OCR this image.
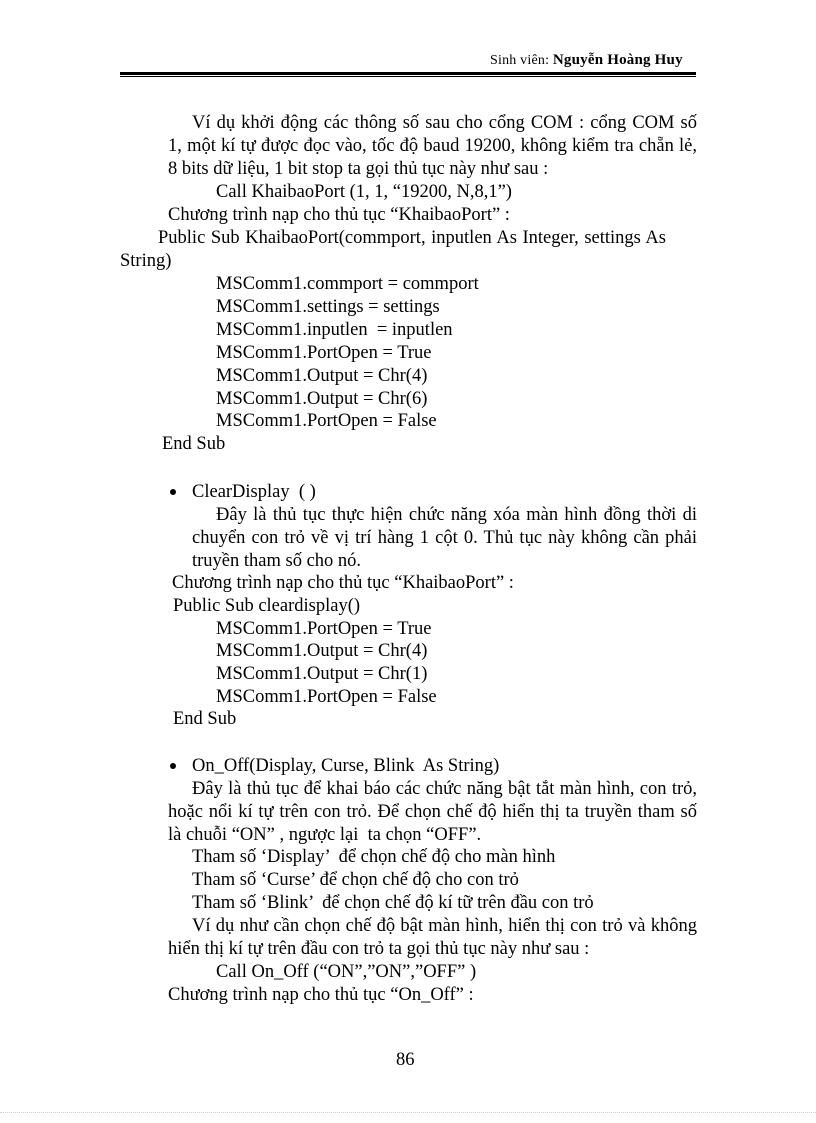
Sinh viên: Nguyễn Hoàng Huy
Ví dụ khởi động các thông số sau cho cổng COM : cổng COM số
1, một kí tự được đọc vào, tốc độ baud 19200, không kiểm tra chẵn lẻ,
8 bits dữ liệu, 1 bit stop ta gọi thủ tục này như sau :
Call KhaibaoPort (1, 1, “19200, N,8,1”)
Chương trình nạp cho thủ tục “KhaibaoPort” :
Public Sub KhaibaoPort(commport, inputlen As Integer, settings As
String)
MSComm1.commport = commport
MSComm1.settings = settings
MSComm1.inputlen  = inputlen
MSComm1.PortOpen = True
MSComm1.Output = Chr(4)
MSComm1.Output = Chr(6)
MSComm1.PortOpen = False
End Sub
ClearDisplay  ( )
Đây là thủ tục thực hiện chức năng xóa màn hình đồng thời di
chuyển con trỏ về vị trí hàng 1 cột 0. Thủ tục này không cần phải
truyền tham số cho nó.
Chương trình nạp cho thủ tục “KhaibaoPort” :
Public Sub cleardisplay()
MSComm1.PortOpen = True
MSComm1.Output = Chr(4)
MSComm1.Output = Chr(1)
MSComm1.PortOpen = False
End Sub
On_Off(Display, Curse, Blink  As String)
Đây là thủ tục để khai báo các chức năng bật tắt màn hình, con trỏ,
hoặc nổi kí tự trên con trỏ. Để chọn chế độ hiển thị ta truyền tham số
là chuỗi “ON” , ngược lại  ta chọn “OFF”.
Tham số ‘Display’  để chọn chế độ cho màn hình
Tham số ‘Curse’ để chọn chế độ cho con trỏ
Tham số ‘Blink’  để chọn chế độ kí tữ trên đầu con trỏ
Ví dụ như cần chọn chế độ bật màn hình, hiển thị con trỏ và không
hiển thị kí tự trên đầu con trỏ ta gọi thủ tục này như sau :
Call On_Off (“ON”,”ON”,”OFF” )
Chương trình nạp cho thủ tục “On_Off” :
86
